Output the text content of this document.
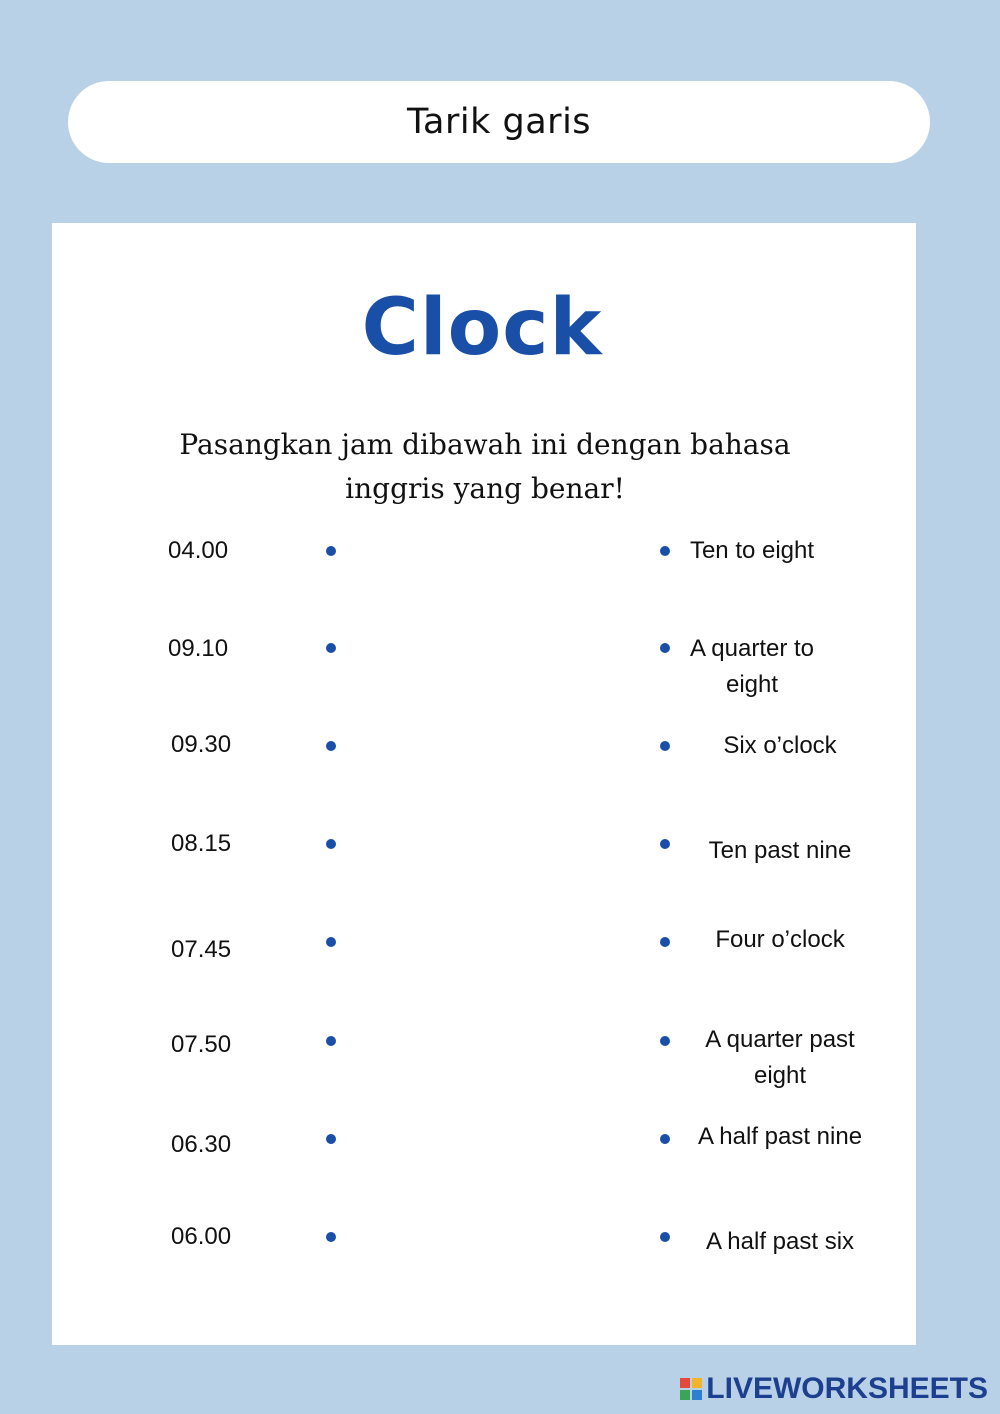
Tarik garis
Clock
Pasangkan jam dibawah ini dengan bahasa
inggris yang benar!
04.00
09.10
09.30
08.15
07.45
07.50
06.30
06.00
Ten to eight
A quarter to
eight
Six o’clock
Ten past nine
Four o’clock
A quarter past
eight
A half past nine
A half past six
LIVEWORKSHEETS
